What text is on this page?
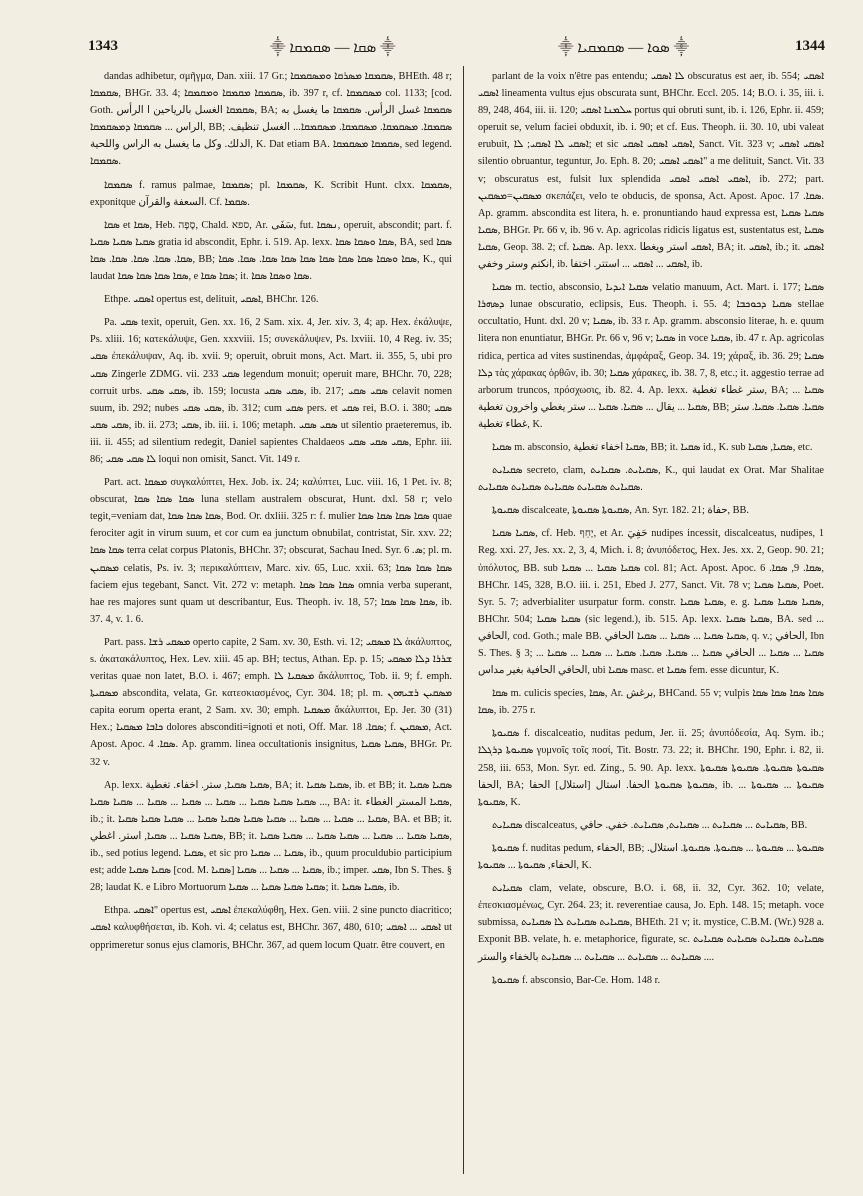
1343	⸎ ܣܩܐ — ܣܩܡܩܐ ⸎	⸎ ܣܘܐ — ܣܩܡܩܝܐ ⸎	1344

dandas adhibetur, σμῆγμα, Dan. xiii. 17 Gr.; ܣܩܡܩܐ ܡܣܪܩܐ ܘܡܣܩܡܩܐ, BHEth. 48 r; ܣܩܡܩܐ, BHGr. 33. 4; ܣܩܡܩܐ ܡܩܡܩܐ ܘܡܩܡܩܐ, ib. 397 r, cf. ܡܣܩܡܩܐ col. 1133; [cod. Goth. ܣܩܡܩܐ الغسل بالرياحين ا الرأس, BA; ܣܩܡܩܐ غسل الرأس. ܣܩܡܩܐ ما يغسل به الراس ... ܣܩܡܩܐ ܕܡܣܩܡܩܐ, BB; ܣܩܡܩܐ. ܡܣܩܡܩܐ. ܡܣܩܡܩܐ. ܡܣܩܡܩܐ... الغسل تنظيف. الدلك. وكل ما يغسل به الراس واللحية, K. Dat etiam BA. ܣܩܡܩܐ ܡܣܩܡܩܐ, sed legend. ܣܩܡܩܐ.

ܣܩܡܩܐ f. ramus palmae, ܣܩܡܩܐ; pl. ܣܩܡܩܐ, K. Scribit Hunt. clxx. ܣܩܡܩܐ, exponitque السعفة والقرآن. Cf. ܣܩܡܐ.

ܣܩܐ et ܣܩܐ, Heb. סָפָה, Chald. ספא, Ar. سَفَى, fut. ܢܣܩܐ, operuit, abscondit; part. f. ܣܩܝܐ ܣܩܝܐ ܣܩܝܐ gratia id abscondit, Ephr. i. 519. Ap. lexx. ܣܩܐ ܘܣܩܐ ܣܩܐ, BA, sed ܣܩܐ ܣܩܐ. ܣܩܐ. ܣܩܐ. ܣܩܐ. ܣܩܐ, BB; ܣܩܐ ܘܣܩܐ ܣܩܐ ܣܩܐ ܣܩܐ ܣܩܐ ܣܩܐ ܣܩܐ. ܣܩܐ. ܣܩܐ, K., qui laudat ܣܩܐ ܣܩܐ ܣܩܐ ܣܩܐ, e ܣܩܐ ܣܩܐ; it. ܣܩܐ ܘܣܩܐ ܣܩܐ.

Ethpe. ܐܣܩܝ opertus est, delituit, ܐܣܩܝ, BHChr. 126.

Pa. ܣܩܝ texit, operuit, Gen. xx. 16, 2 Sam. xix. 4, Jer. xiv. 3, 4; ap. Hex. ἐκάλυψε, Ps. xliii. 16; κατεκάλυψε, Gen. xxxviii. 15; συνεκάλυψεν, Ps. lxviii. 10, 4 Reg. iv. 35; ܣܩܝ ἐπεκάλυψαν, Aq. ib. xvii. 9; operuit, obruit mons, Act. Mart. ii. 355, 5, ubi pro ܣܩܝ Zingerle ZDMG. vii. 233 ܣܩܝ legendum monuit; operuit mare, BHChr. 70, 228; corruit urbs. ܣܩܝ ܣܩܝ, ib. 159; locusta ܣܩܝ ܣܩܝ, ib. 217; ܣܩܝ ܣܩܝ celavit nomen suum, ib. 292; nubes ܣܩܝ ܣܩܝ, ib. 312; cum ܣܩܝ pers. et ܣܩܝ rei, B.O. i. 380; ܣܩܝ ܣܩܝ ܣܩܝ, ib. ii. 273; ܣܩܝ, ib. iii. i. 106; metaph. ܣܩܝ ܣܩܝ ut silentio praeteremus, ib. iii. ii. 455; ad silentium redegit, Daniel sapientes Chaldaeos ܣܩܝ ܣܩܝ ܣܩܝ, Ephr. iii. 86; ܠܐ ܣܩܝ ܣܩܝ loqui non omisit, Sanct. Vit. 149 r.

Part. act. ܡܣܩܐ συγκαλύπτει, Hex. Job. ix. 24; καλύπτει, Luc. viii. 16, 1 Pet. iv. 8; obscurat, ܣܩܐ ܣܩܐ ܣܩܐ luna stellam australem obscurat, Hunt. dxl. 58 r; velo tegit,=veniam dat, ܣܩܐ ܣܩܐ ܣܩܐ, Bod. Or. dxliii. 325 r: f. mulier ܣܩܐ ܣܩܐ ܣܩܐ ܣܩܐ quae ferociter agit in virum suum, et cor cum ea junctum obnubilat, contristat, Sir. xxv. 22; ܣܩܐ ܣܩܐ terra celat corpus Platonis, BHChr. 37; obscurat, Sachau Ined. Syr. ܣ. 6; pl. m. ܡܣܩܝܢ celatis, Ps. iv. 3; περικαλύπτειν, Marc. xiv. 65, Luc. xxii. 63; ܣܩܐ ܣܩܐ ܣܩܐ faciem ejus tegebant, Sanct. Vit. 272 v: metaph. ܣܩܐ ܣܩܐ ܣܩܐ omnia verba superant, hae res majores sunt quam ut describantur, Eus. Theoph. iv. 18, 57; ܣܩܐ ܣܩܐ ܣܩܐ, ib. 37. 4, v. 1. 6.

Part. pass. ܡܣܩܝ ܪܫܐ operto capite, 2 Sam. xv. 30, Esth. vi. 12; ܠܐ ܡܣܩܝ ἀκάλυπτος, s. ἀκατακάλυπτος, Hex. Lev. xiii. 45 ap. BH; tectus, Athan. Ep. p. 15; ܫܪܪܐ ܕܠܐ ܡܣܩܝ veritas quae non latet, B.O. i. 467; emph. ܡܣܩܝܐ ܠܐ ἄκάλυπτος, Tob. ii. 9; f. emph. ܡܣܩܝܬܐ abscondita, velata, Gr. κατεσκιασμένος, Cyr. 304. 18; pl. m. ܡܣܩܝܢ ܪܫܝܗܘܢ capita eorum operta erant, 2 Sam. xv. 30; emph. ܡܣܩܝܐ ἄκάλυπτοι, Ep. Jer. 30 (31) Hex.; ܟܐܒܐ ܡܣܩܝܐ dolores absconditi=ignoti et noti, Off. Mar. ܣܩܐ. 18; f. ܡܣܩܝܢ, Act. Apost. Apoc. ܣܩܐ. 4. Ap. gramm. linea occultationis insignitus, ܣܩܝܐ ܣܩܝܐ, BHGr. Pr. 32 v.

Ap. lexx. ܣܩܝܐ ܣܩܝܐ, ستر. اخفاء. تغطية, BA; it. ܣܩܝܐ ܣܩܝܐ, ib. et BB; it. ܣܩܝܐ ܣܩܝܐ ... ܣܩܝܐ ܣܩܝܐ ܣܩܝܐ ... ܣܩܝܐ ... ܣܩܝܐ ... ܣܩܝܐ ... ܣܩܝܐ ܣܩܝܐ, BA: it. ܣܩܝܐ المستر الغطاء, ib.; it. ܣܩܝܐ ... ܣܩܝܐ ... ܣܩܝܐ ... ܣܩܝܐ ܣܩܝܐ ܣܩܝܐ ܣܩܝܐ ... ܣܩܝܐ ܣܩܝܐ ܣܩܝܐ, BA. et BB; it. ܣܩܝܐ ܣܩܝܐ ... ܣܩܝܐ, استر. اغطي, BB; it. ܣܩܝܐ ܣܩܝܐ ... ܣܩܝܐ ... ܣܩܝܐ ܣܩܝܐ ... ܣܩܝܐ ܣܩܝܐ, ib., sed potius legend. ܣܩܝܐ, et sic pro ܣܩܝܐ ... ܣܩܝܐ, ib., quum proculdubio participium est; adde ܣܩܝܐ ܣܩܝܐ [cod. M. ܣܩܝܐ] ܣܩܝܐ ... ܣܩܝܐ ... ܣܩܝܐ, ib.; imper. ܣܩܝ, Ibn S. Thes. § 28; laudat K. e Libro Mortuorum ܣܩܝܐ ܣܩܝܐ ܣܩܝܐ ... ܣܩܝܐ; it. ܣܩܝܐ ܣܩܝܐ, ib.

Ethpa. ܐܣܩܝ" opertus est, ܐܣܩܝ ἐπεκαλύφθη, Hex. Gen. viii. 2 sine puncto diacritico; ܐܣܩܝ καλυφθήσεται, ib. Koh. vi. 4; celatus est, BHChr. 367, 480, 610; ܐܣܩܝ ... ܐܣܩܝ ut opprimeretur sonus ejus clamoris, BHChr. 367, ad quem locum Quatr. être couvert, en

parlant de la voix n'être pas entendu; ܠܐ ܐܣܩܝ obscuratus est aer, ib. 554; ܐܣܩܝ ܐܣܩܝ lineamenta vultus ejus obscurata sunt, BHChr. Eccl. 205. 14; B.O. i. 35, iii. i. 89, 248, 464, iii. ii. 120; ܚܠܡܢܐ ܐܣܩܝ portus qui obruti sunt, ib. i. 126, Ephr. ii. 459; operuit se, velum faciei obduxit, ib. i. 90; et cf. Eus. Theoph. ii. 30. 10, ubi valeat erubuit, ܐܣܩܝ ܠܐ ܐܣܩܝ; ܠܐ; et sic ܐܣܩܝ ܐܣܩܝ ܐܣܩܝ, Sanct. Vit. 323 v; ܐܣܩܝ ܐܣܩܝ silentio obruantur, teguntur, Jo. Eph. 8. 20; ܐܣܩܝ ܐܣܩܝ" a me delituit, Sanct. Vit. 33 v; obscuratus est, fulsit lux splendida ܐܣܩܝ ܐܣܩܝ ܐܣܩܝ, ib. 272; part. ܡܣܩܝܢ=ܡܣܩܝܢ σκεπάζει, velo te obducis, de sponsa, Act. Apost. Apoc. ܣܩܐ. 17. Ap. gramm. abscondita est litera, h. e. pronuntiando haud expressa est, ܣܩܝܐ ܣܩܝܐ ܣܩܝܐ, BHGr. Pr. 66 v, ib. 96 v. Ap. agricolas ridicis ligatus est, sustentatus est, ܣܩܝܐ ܣܩܝܐ, Geop. 38. 2; cf. ܣܩܝܐ. Ap. lexx. ܐܣܩܝ استر ويغطا, BA; it. ܐܣܩܝ, ib.; it. ܐܣܩܝ انكتم وستر وخفي, ib. ܐܣܩܝ ... ܐܣܩܝ ... استتر. اختفا, ib.

ܣܩܝܐ m. tectio, absconsio, ܣܩܝܐ ܐܝܕܝܐ velatio manuum, Act. Mart. i. 177; ܣܩܝܐ ܕܣܗܪܐ lunae obscuratio, eclipsis, Eus. Theoph. i. 55. 4; ܣܩܝܐ ܕܟܘܟܒܐ stellae occultatio, Hunt. dxl. 20 v; ܣܩܝܐ, ib. 33 r. Ap. gramm. absconsio literae, h. e. quum litera non enuntiatur, BHGr. Pr. 66 v, 96 v; ܣܩܝܐ in voce ܣܩܝܐ, ib. 47 r. Ap. agricolas ridica, pertica ad vites sustinendas, ἀμφάραξ, Geop. 34. 19; χάραξ, ib. 36. 29; ܣܩܝܐ ܕܠܐ τὰς χάρακας ὀρθῶν, ib. 30; ܣܩܝܐ χάρακες, ib. 38. 7, 8, etc.; it. aggestio terrae ad arborum truncos, πρόσχωσις, ib. 82. 4. Ap. lexx. ستر غطاء تغطية, BA; ܣܩܝܐ ... ܣܩܝܐ ... يقال ... ܣܩܝܐ. ܣܩܝܐ ... ستر يغطي واخرون تغطية, BB; ܣܩܝܐ. ܣܩܝܐ. ܣܩܝܐ. ستر غطاء تغطية, K.

ܣܩܝܐ m. absconsio, ܣܩܝܐ اخفاء تغطية, BB; it. ܣܩܝܐ id., K. sub ܣܩܝܐ, ܣܩܝܐ, etc.

ܣܩܝܐܝܬ secreto, clam, ܣܩܝܐܝܬ. ܣܩܝܐܝܬ, K., qui laudat ex Orat. Mar Shalitae ܣܩܝܐܝܬ ܣܩܝܐܝܬ ܣܩܝܐܝܬ ܣܩܝܐܝܬ ܣܩܝܐܝܬ.

ܣܩܝܘܬܐ discalceate, ܣܩܝܘܬܐ ܣܩܝܘܬܐ, An. Syr. 182. 21; حفاة, BB.

ܣܩܝܐ ܣܩܝܐ, cf. Heb. יָחֵף, et Ar. حَفِيَ nudipes incessit, discalceatus, nudipes, 1 Reg. xxi. 27, Jes. xx. 2, 3, 4, Mich. i. 8; ἀνυπόδετος, Hex. Jes. xx. 2, Geop. 90. 21; ὑπόλυτος, BB. sub ܣܩܝܐ ܣܩܝܐ ... ܣܩܝܐ col. 81; Act. Apost. Apoc. ܣܩܐ. 9, ܣܩܐ. 6, BHChr. 145, 328, B.O. iii. i. 251, Ebed J. 277, Sanct. Vit. 78 v; ܣܩܝܐ ܣܩܝܐ, Poet. Syr. 5. 7; adverbialiter usurpatur form. constr. ܣܩܝܐ ܣܩܝܐ, e. g. ܣܩܝܐ ܣܩܝܐ ܣܩܝܐ, BHChr. 504; ܣܩܝܐ ܣܩܝܐ (sic legend.), ib. 515. Ap. lexx. ܣܩܝܐ ܣܩܝܐ, BA. sed ... الحافي, cod. Goth.; male BB. ܣܩܝܐ ܣܩܝܐ ... ܣܩܝܐ ... ܣܩܝܐ الحافي, q. v.; الحافي, Ibn S. Thes. § 3; ܣܩܝܐ ... ܣܩܝܐ ... الحافي ܣܩܝܐ ... ܣܩܝܐ. ܣܩܝܐ. ܣܩܝܐ ... ܣܩܝܐ ... ܣܩܝܐ ... الحافي الحافية بغير مداس, ubi ܣܩܝܐ masc. et ܣܩܝܐ fem. esse dicuntur, K.

ܣܩܐ m. culicis species, ܣܩܐ, Ar. برغش, BHCand. 55 v; vulpis ܣܩܐ ܣܩܐ ܣܩܐ ܣܩܐ ܣܩܐ, ib. 275 r.

ܣܩܝܘܬܐ f. discalceatio, nuditas pedum, Jer. ii. 25; ἀνυπόδεσία, Aq. Sym. ib.; ܣܩܝܘܬܐ ܕܪܓܠܐ γυμνοῖς τοῖς ποσί, Tit. Bostr. 73. 22; it. BHChr. 190, Ephr. i. 82, ii. 258, iii. 653, Mon. Syr. ed. Zing., 5. 90. Ap. lexx. ܣܩܝܘܬܐ ܣܩܝܘܬܐ. ܣܩܝܘܬܐ ܣܩܝܘܬܐ الحفا, BA; ܣܩܝܘܬܐ ܣܩܝܘܬܐ الحفا. استال [استلال] الحفا, ib. ܣܩܝܘܬܐ ... ܣܩܝܘܬܐ ... ܣܩܝܘܬܐ, K.

ܣܩܝܐܝܬ discalceatus, ܣܩܝܐܝܬ ... ܣܩܝܐܝܬ ... ܣܩܝܐܝܬ, ܣܩܝܐܝܬ. خفي. حافي, BB.

ܣܩܝܘܬܐ f. nuditas pedum, الحفاء, BB; ܣܩܝܘܬܐ ... ܣܩܝܘܬܐ ... ܣܩܝܘܬܐ. ܣܩܝܘܬܐ. استلال. الحفاء, ܣܩܝܘܬܐ ... ܣܩܝܘܬܐ, K.

ܣܩܝܐܝܬ clam, velate, obscure, B.O. i. 68, ii. 32, Cyr. 362. 10; velate, ἐπεσκιασμένως, Cyr. 264. 23; it. reverentiae causa, Jo. Eph. 148. 15; metaph. voce submissa, ܣܩܝܐܝܬ ܣܩܝܐܝܬ ܠܐ ܣܩܝܐܝܬ, BHEth. 21 v; it. mystice, C.B.M. (Wr.) 928 a. Exponit BB. velate, h. e. metaphorice, figurate, sc. ܣܩܝܐܝܬ ܣܩܝܐܝܬ ܣܩܝܐܝܬ ܣܩܝܐܝܬ ... ܣܩܝܐܝܬ ... ܣܩܝܐܝܬ ... ܣܩܝܐܝܬ ... ܣܩܝܐܝܬ بالخفاء والستر.

ܣܩܝܘܬܐ f. absconsio, Bar-Ce. Hom. 148 r.
